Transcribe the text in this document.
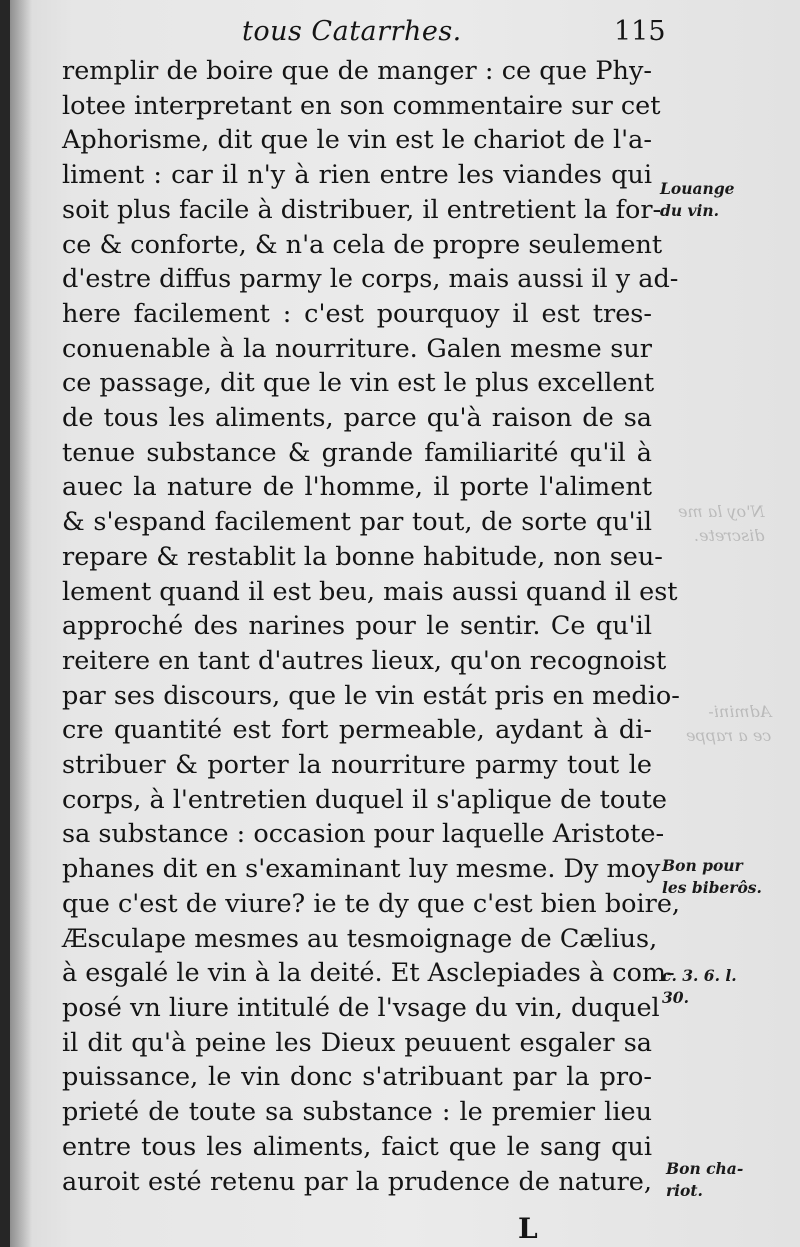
tous Catarrhes.	115
remplir de boire que de manger : ce que Phy-
lotee interpretant en son commentaire sur cet
Aphorisme, dit que le vin est le chariot de l'a-
liment : car il n'y à rien entre les viandes qui
soit plus facile à distribuer, il entretient la for-
ce & conforte, & n'a cela de propre seulement
d'estre diffus parmy le corps, mais aussi il y ad-
here facilement : c'est pourquoy il est tres-
conuenable à la nourriture. Galen mesme sur
ce passage, dit que le vin est le plus excellent
de tous les aliments, parce qu'à raison de sa
tenue substance & grande familiarité qu'il à
auec la nature de l'homme, il porte l'aliment
& s'espand facilement par tout, de sorte qu'il
repare & restablit la bonne habitude, non seu-
lement quand il est beu, mais aussi quand il est
approché des narines pour le sentir. Ce qu'il
reitere en tant d'autres lieux, qu'on recognoist
par ses discours, que le vin estát pris en medio-
cre quantité est fort permeable, aydant à di-
stribuer & porter la nourriture parmy tout le
corps, à l'entretien duquel il s'aplique de toute
sa substance : occasion pour laquelle Aristote-
phanes dit en s'examinant luy mesme. Dy moy
que c'est de viure? ie te dy que c'est bien boire,
Æsculape mesmes au tesmoignage de Cælius,
à esgalé le vin à la deité. Et Asclepiades à com-
posé vn liure intitulé de l'vsage du vin, duquel
il dit qu'à peine les Dieux peuuent esgaler sa
puissance, le vin donc s'atribuant par la pro-
prieté de toute sa substance : le premier lieu
entre tous les aliments, faict que le sang qui
auroit esté retenu par la prudence de nature,
Louange
du vin.
Bon pour
les biberôs.
c. 3. 6. l.
30.
Bon cha-
riot.
N'oy la me
discrete.
Admini-
ce a rappe
L
